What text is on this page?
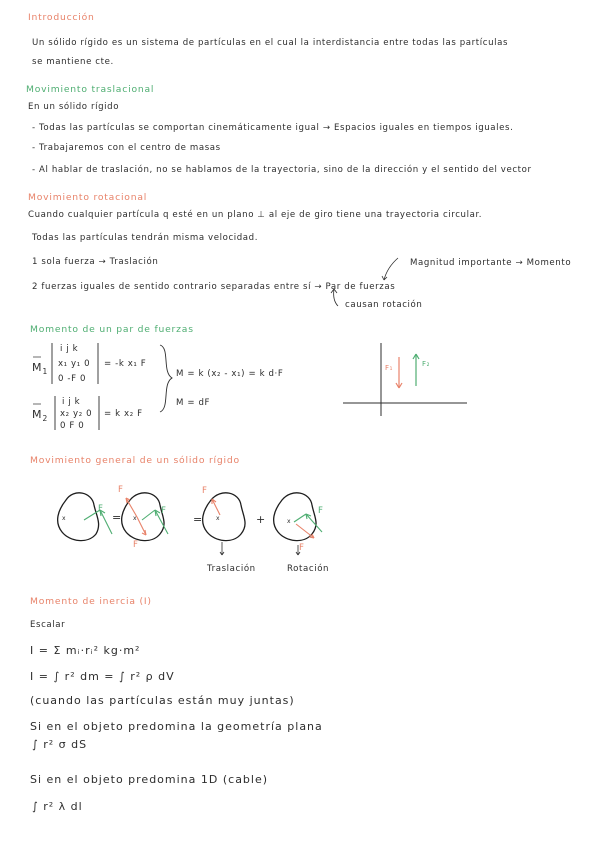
Introducción
Un sólido rígido es un sistema de partículas en el cual la interdistancia entre todas las partículas
se mantiene cte.
Movimiento traslacional
En un sólido rígido
- Todas las partículas se comportan cinemáticamente igual → Espacios iguales en tiempos iguales.
- Trabajaremos con el centro de masas
- Al hablar de traslación, no se hablamos de la trayectoria, sino de la dirección y el sentido del vector
Movimiento rotacional
Cuando cualquier partícula q esté en un plano ⊥ al eje de giro tiene una trayectoria circular.
Todas las partículas tendrán misma velocidad.
1 sola fuerza → Traslación
2 fuerzas iguales de sentido contrario separadas entre sí → Par de fuerzas
Magnitud importante → Momento
causan rotación
Momento de un par de fuerzas
$M_1$
$M_2$
i j k
x₁ y₁ 0
0 -F 0
= -k x₁ F
i j k
x₂ y₂ 0
0 F 0
= k x₂ F
M = k (x₂ - x₁) = k d·F
M = dF
F₁	F₂
Movimiento general de un sólido rígido
x	x	x	x
=	=	+
F
F
F
F
F
F
F
Traslación	Rotación
Momento de inercia (I)
Escalar
I = Σ mᵢ·rᵢ² kg·m²
I = ∫ r² dm = ∫ r² ρ dV
(cuando las partículas están muy juntas)
Si en el objeto predomina la geometría plana
∫ r² σ dS
Si en el objeto predomina 1D (cable)
∫ r² λ dl
